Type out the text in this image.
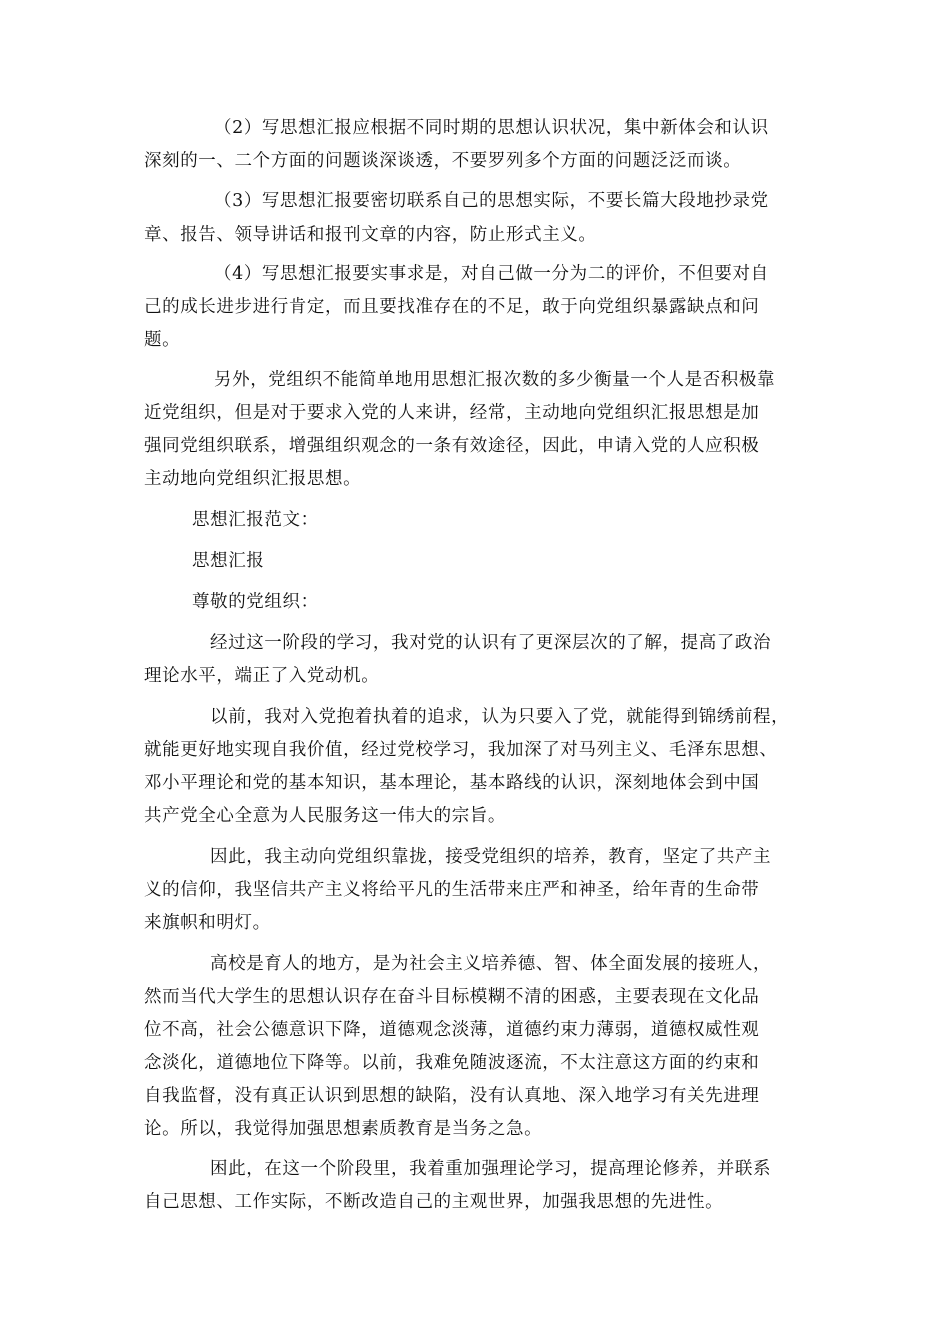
（2）写思想汇报应根据不同时期的思想认识状况，集中新体会和认识
深刻的一、二个方面的问题谈深谈透，不要罗列多个方面的问题泛泛而谈。
（3）写思想汇报要密切联系自己的思想实际，不要长篇大段地抄录党
章、报告、领导讲话和报刊文章的内容，防止形式主义。
（4）写思想汇报要实事求是，对自己做一分为二的评价，不但要对自
己的成长进步进行肯定，而且要找准存在的不足，敢于向党组织暴露缺点和问
题。
另外，党组织不能简单地用思想汇报次数的多少衡量一个人是否积极靠
近党组织，但是对于要求入党的人来讲，经常，主动地向党组织汇报思想是加
强同党组织联系，增强组织观念的一条有效途径，因此，申请入党的人应积极
主动地向党组织汇报思想。
思想汇报范文：
思想汇报
尊敬的党组织：
经过这一阶段的学习，我对党的认识有了更深层次的了解，提高了政治
理论水平，端正了入党动机。
以前，我对入党抱着执着的追求，认为只要入了党，就能得到锦绣前程，
就能更好地实现自我价值，经过党校学习，我加深了对马列主义、毛泽东思想、
邓小平理论和党的基本知识，基本理论，基本路线的认识，深刻地体会到中国
共产党全心全意为人民服务这一伟大的宗旨。
因此，我主动向党组织靠拢，接受党组织的培养，教育，坚定了共产主
义的信仰，我坚信共产主义将给平凡的生活带来庄严和神圣，给年青的生命带
来旗帜和明灯。
高校是育人的地方，是为社会主义培养德、智、体全面发展的接班人，
然而当代大学生的思想认识存在奋斗目标模糊不清的困惑，主要表现在文化品
位不高，社会公德意识下降，道德观念淡薄，道德约束力薄弱，道德权威性观
念淡化，道德地位下降等。以前，我难免随波逐流，不太注意这方面的约束和
自我监督，没有真正认识到思想的缺陷，没有认真地、深入地学习有关先进理
论。所以，我觉得加强思想素质教育是当务之急。
困此，在这一个阶段里，我着重加强理论学习，提高理论修养，并联系
自己思想、工作实际，不断改造自己的主观世界，加强我思想的先进性。
